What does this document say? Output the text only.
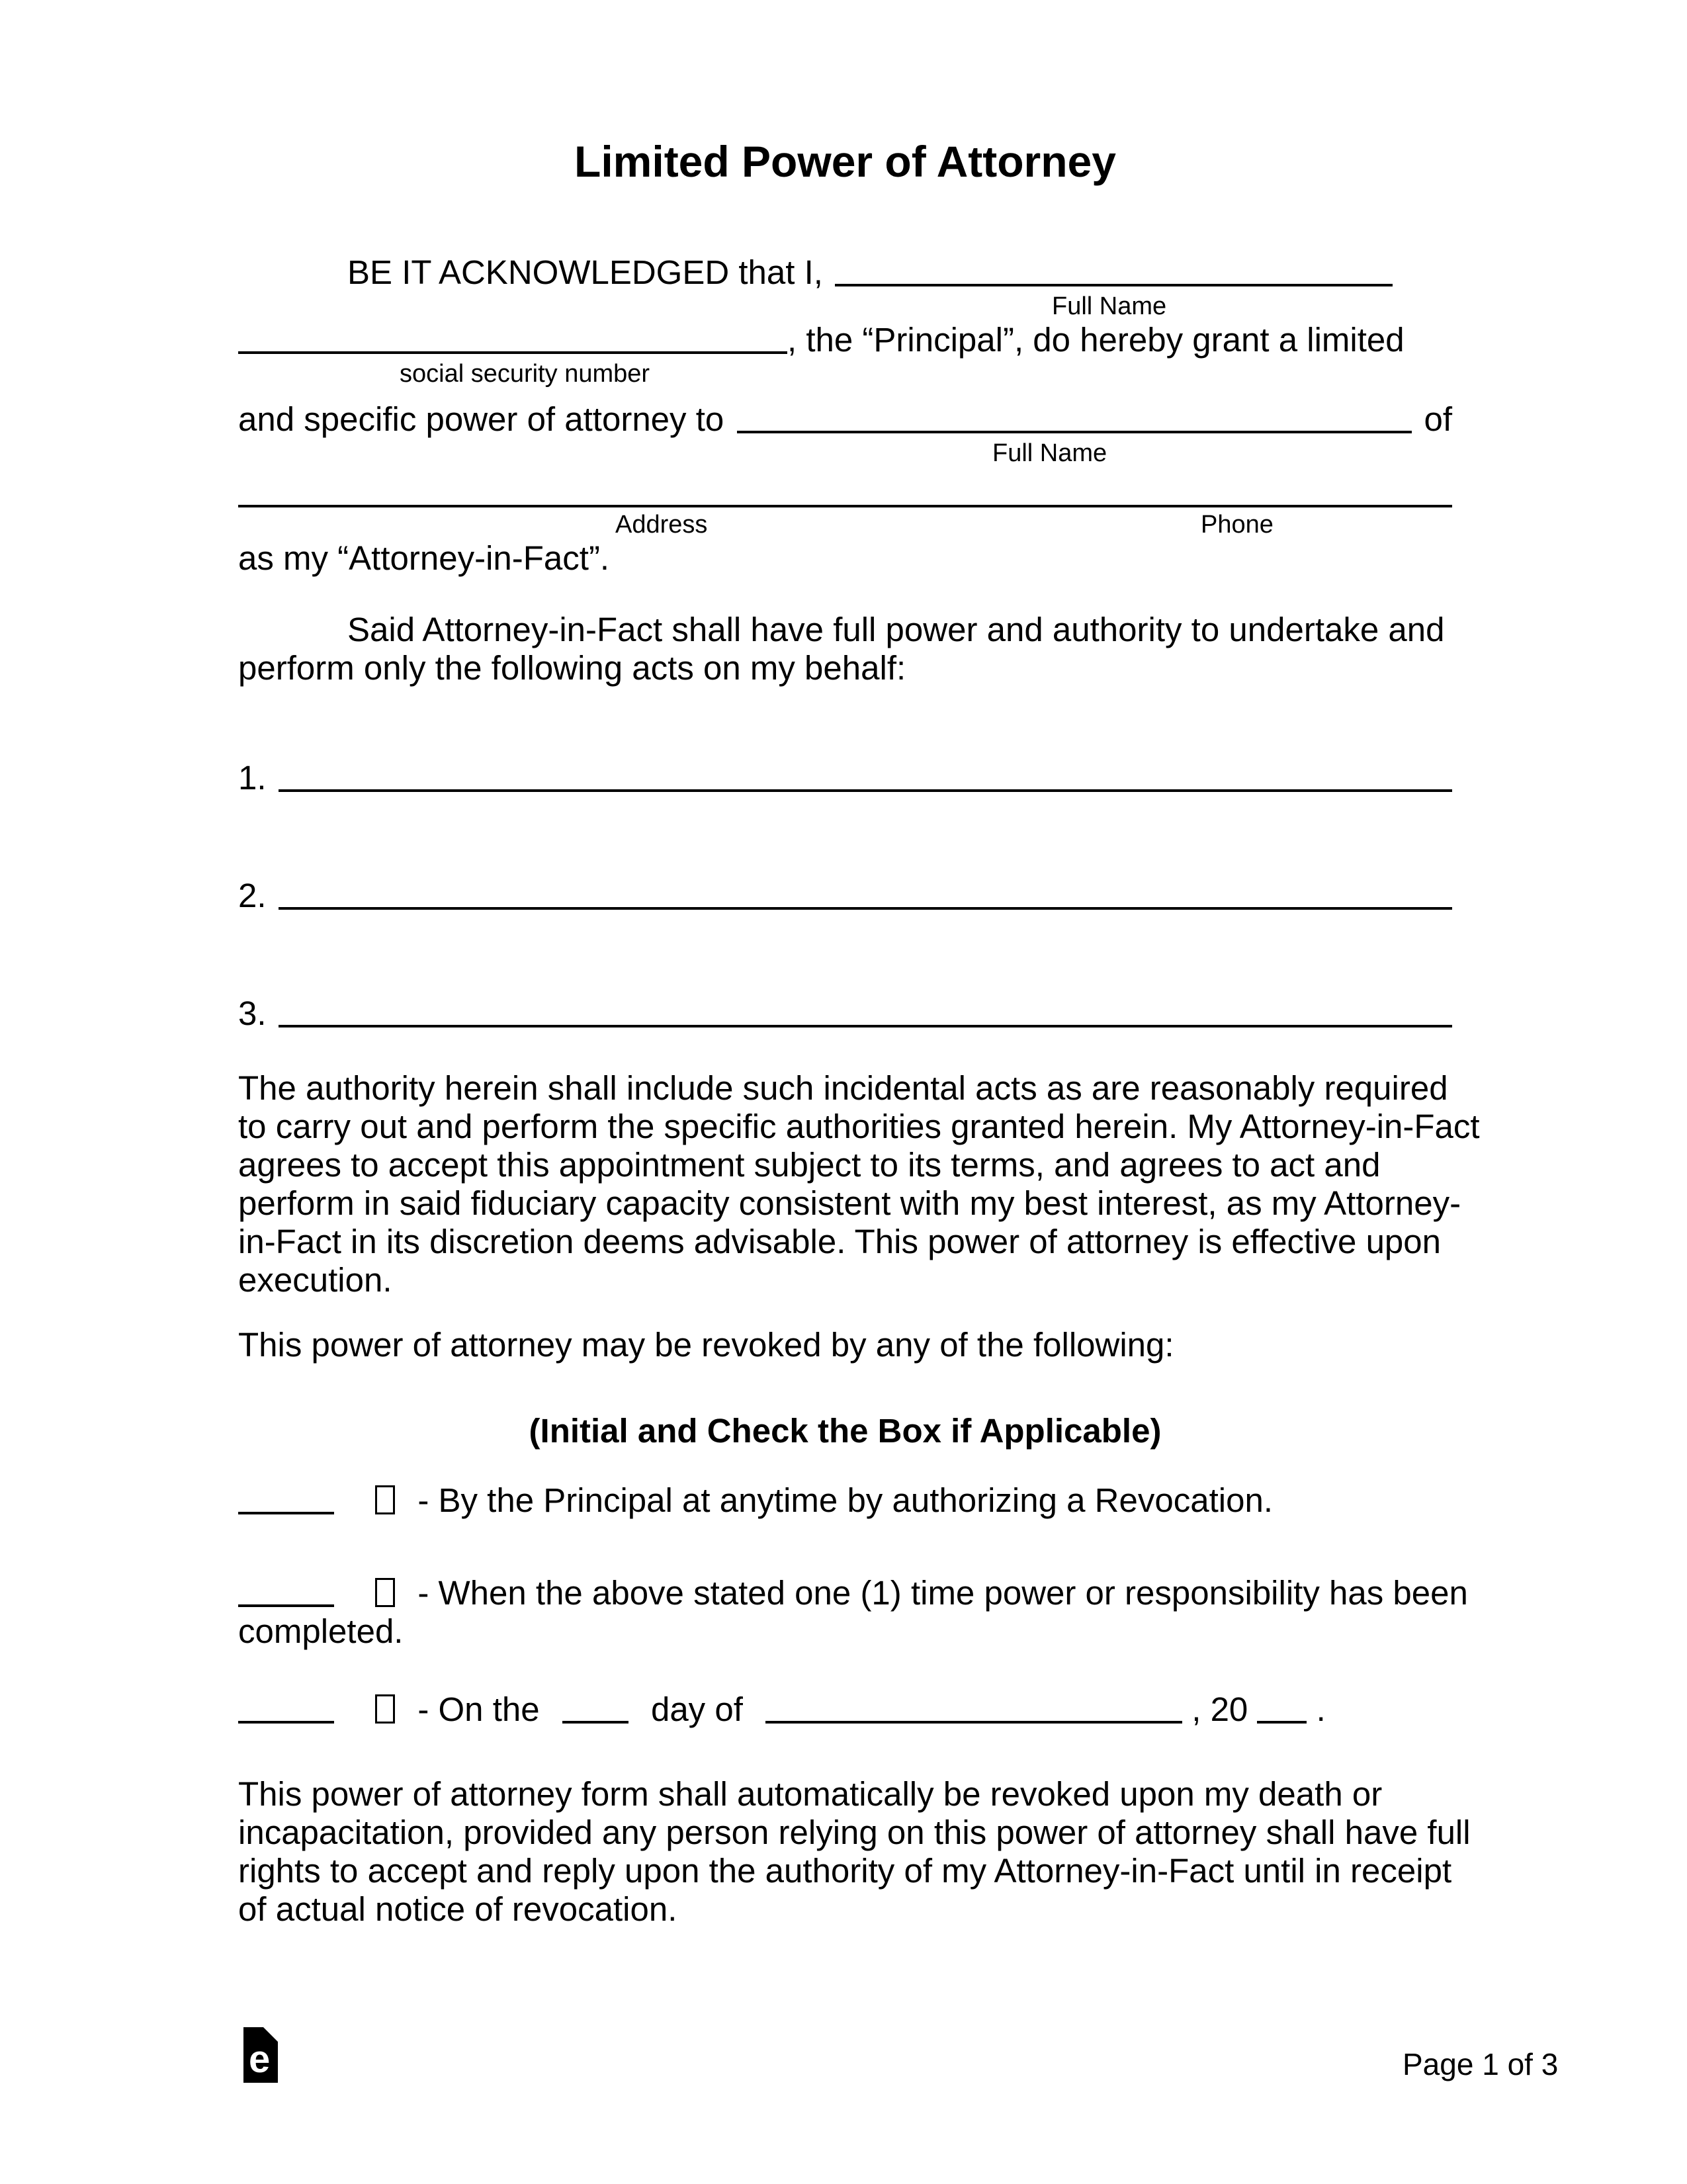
Limited Power of Attorney
BE IT ACKNOWLEDGED that I,
Full Name
, the “Principal”, do hereby grant a limited
social security number
and specific power of attorney to	of
Full Name
Address	Phone
as my “Attorney-in-Fact”.
Said Attorney-in-Fact shall have full power and authority to undertake and
perform only the following acts on my behalf:
1.
2.
3.
The authority herein shall include such incidental acts as are reasonably required
to carry out and perform the specific authorities granted herein. My Attorney-in-Fact
agrees to accept this appointment subject to its terms, and agrees to act and
perform in said fiduciary capacity consistent with my best interest, as my Attorney-
in-Fact in its discretion deems advisable. This power of attorney is effective upon
execution.
This power of attorney may be revoked by any of the following:
(Initial and Check the Box if Applicable)
- By the Principal at anytime by authorizing a Revocation.
- When the above stated one (1) time power or responsibility has been
completed.
- On the	day of	, 20 .
This power of attorney form shall automatically be revoked upon my death or
incapacitation, provided any person relying on this power of attorney shall have full
rights to accept and reply upon the authority of my Attorney-in-Fact until in receipt
of actual notice of revocation.
e	Page 1 of 3
